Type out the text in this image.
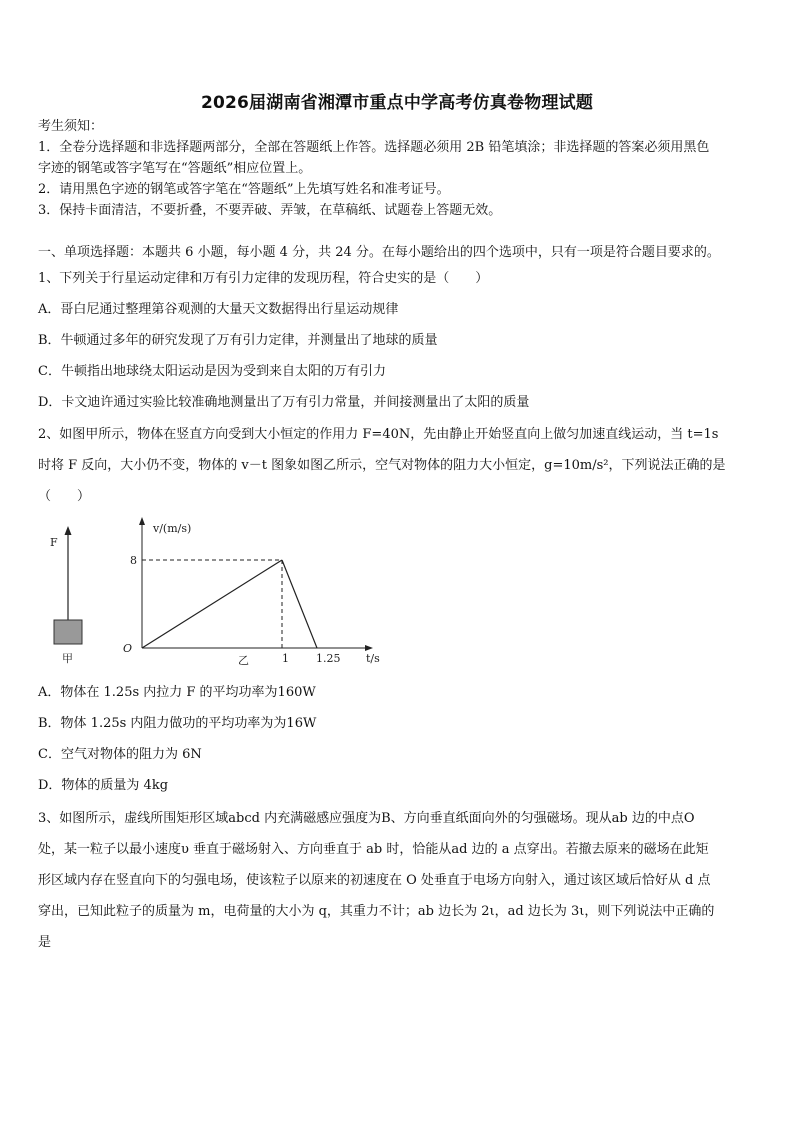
2026届湖南省湘潭市重点中学高考仿真卷物理试题
考生须知：
1．全卷分选择题和非选择题两部分，全部在答题纸上作答。选择题必须用 2B 铅笔填涂；非选择题的答案必须用黑色
字迹的钢笔或答字笔写在“答题纸”相应位置上。
2．请用黑色字迹的钢笔或答字笔在“答题纸”上先填写姓名和准考证号。
3．保持卡面清洁，不要折叠，不要弄破、弄皱，在草稿纸、试题卷上答题无效。
一、单项选择题：本题共 6 小题，每小题 4 分，共 24 分。在每小题给出的四个选项中，只有一项是符合题目要求的。
1、下列关于行星运动定律和万有引力定律的发现历程，符合史实的是（　　）
A．哥白尼通过整理第谷观测的大量天文数据得出行星运动规律
B．牛顿通过多年的研究发现了万有引力定律，并测量出了地球的质量
C．牛顿指出地球绕太阳运动是因为受到来自太阳的万有引力
D．卡文迪许通过实验比较准确地测量出了万有引力常量，并间接测量出了太阳的质量
2、如图甲所示，物体在竖直方向受到大小恒定的作用力 F=40N，先由静止开始竖直向上做匀加速直线运动，当 t=1s
时将 F 反向，大小仍不变，物体的 v－t 图象如图乙所示，空气对物体的阻力大小恒定，g=10m/s²，下列说法正确的是
（　　）
F
甲
v/(m/s)
t/s
O
8
1 1.25
乙
A．物体在 1.25s 内拉力 F 的平均功率为160W
B．物体 1.25s 内阻力做功的平均功率为为16W
C．空气对物体的阻力为 6N
D．物体的质量为 4kg
3、如图所示，虚线所围矩形区域abcd 内充满磁感应强度为B、方向垂直纸面向外的匀强磁场。现从ab 边的中点O
处，某一粒子以最小速度υ 垂直于磁场射入、方向垂直于 ab 时，恰能从ad 边的 a 点穿出。若撤去原来的磁场在此矩
形区域内存在竖直向下的匀强电场，使该粒子以原来的初速度在 O 处垂直于电场方向射入，通过该区域后恰好从 d 点
穿出，已知此粒子的质量为 m，电荷量的大小为 q，其重力不计；ab 边长为 2ι，ad 边长为 3ι，则下列说法中正确的
是
